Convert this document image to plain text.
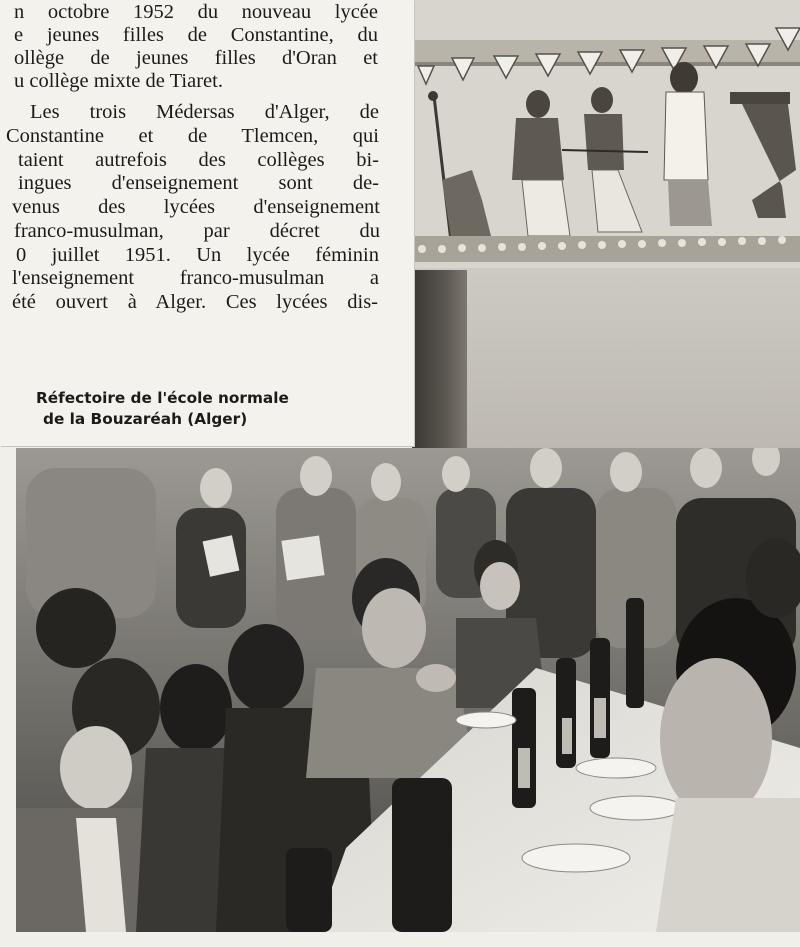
n octobre 1952 du nouveau lycée
e jeunes filles de Constantine, du
ollège de jeunes filles d'Oran et
u collège mixte de Tiaret.
Les trois Médersas d'Alger, de
Constantine et de Tlemcen, qui
taient autrefois des collèges bi-
ingues d'enseignement sont de-
venus des lycées d'enseignement
franco-musulman, par décret du
0 juillet 1951. Un lycée féminin
l'enseignement franco-musulman a
été ouvert à Alger. Ces lycées dis-
Réfectoire de l'école normale
de la Bouzaréah (Alger)
